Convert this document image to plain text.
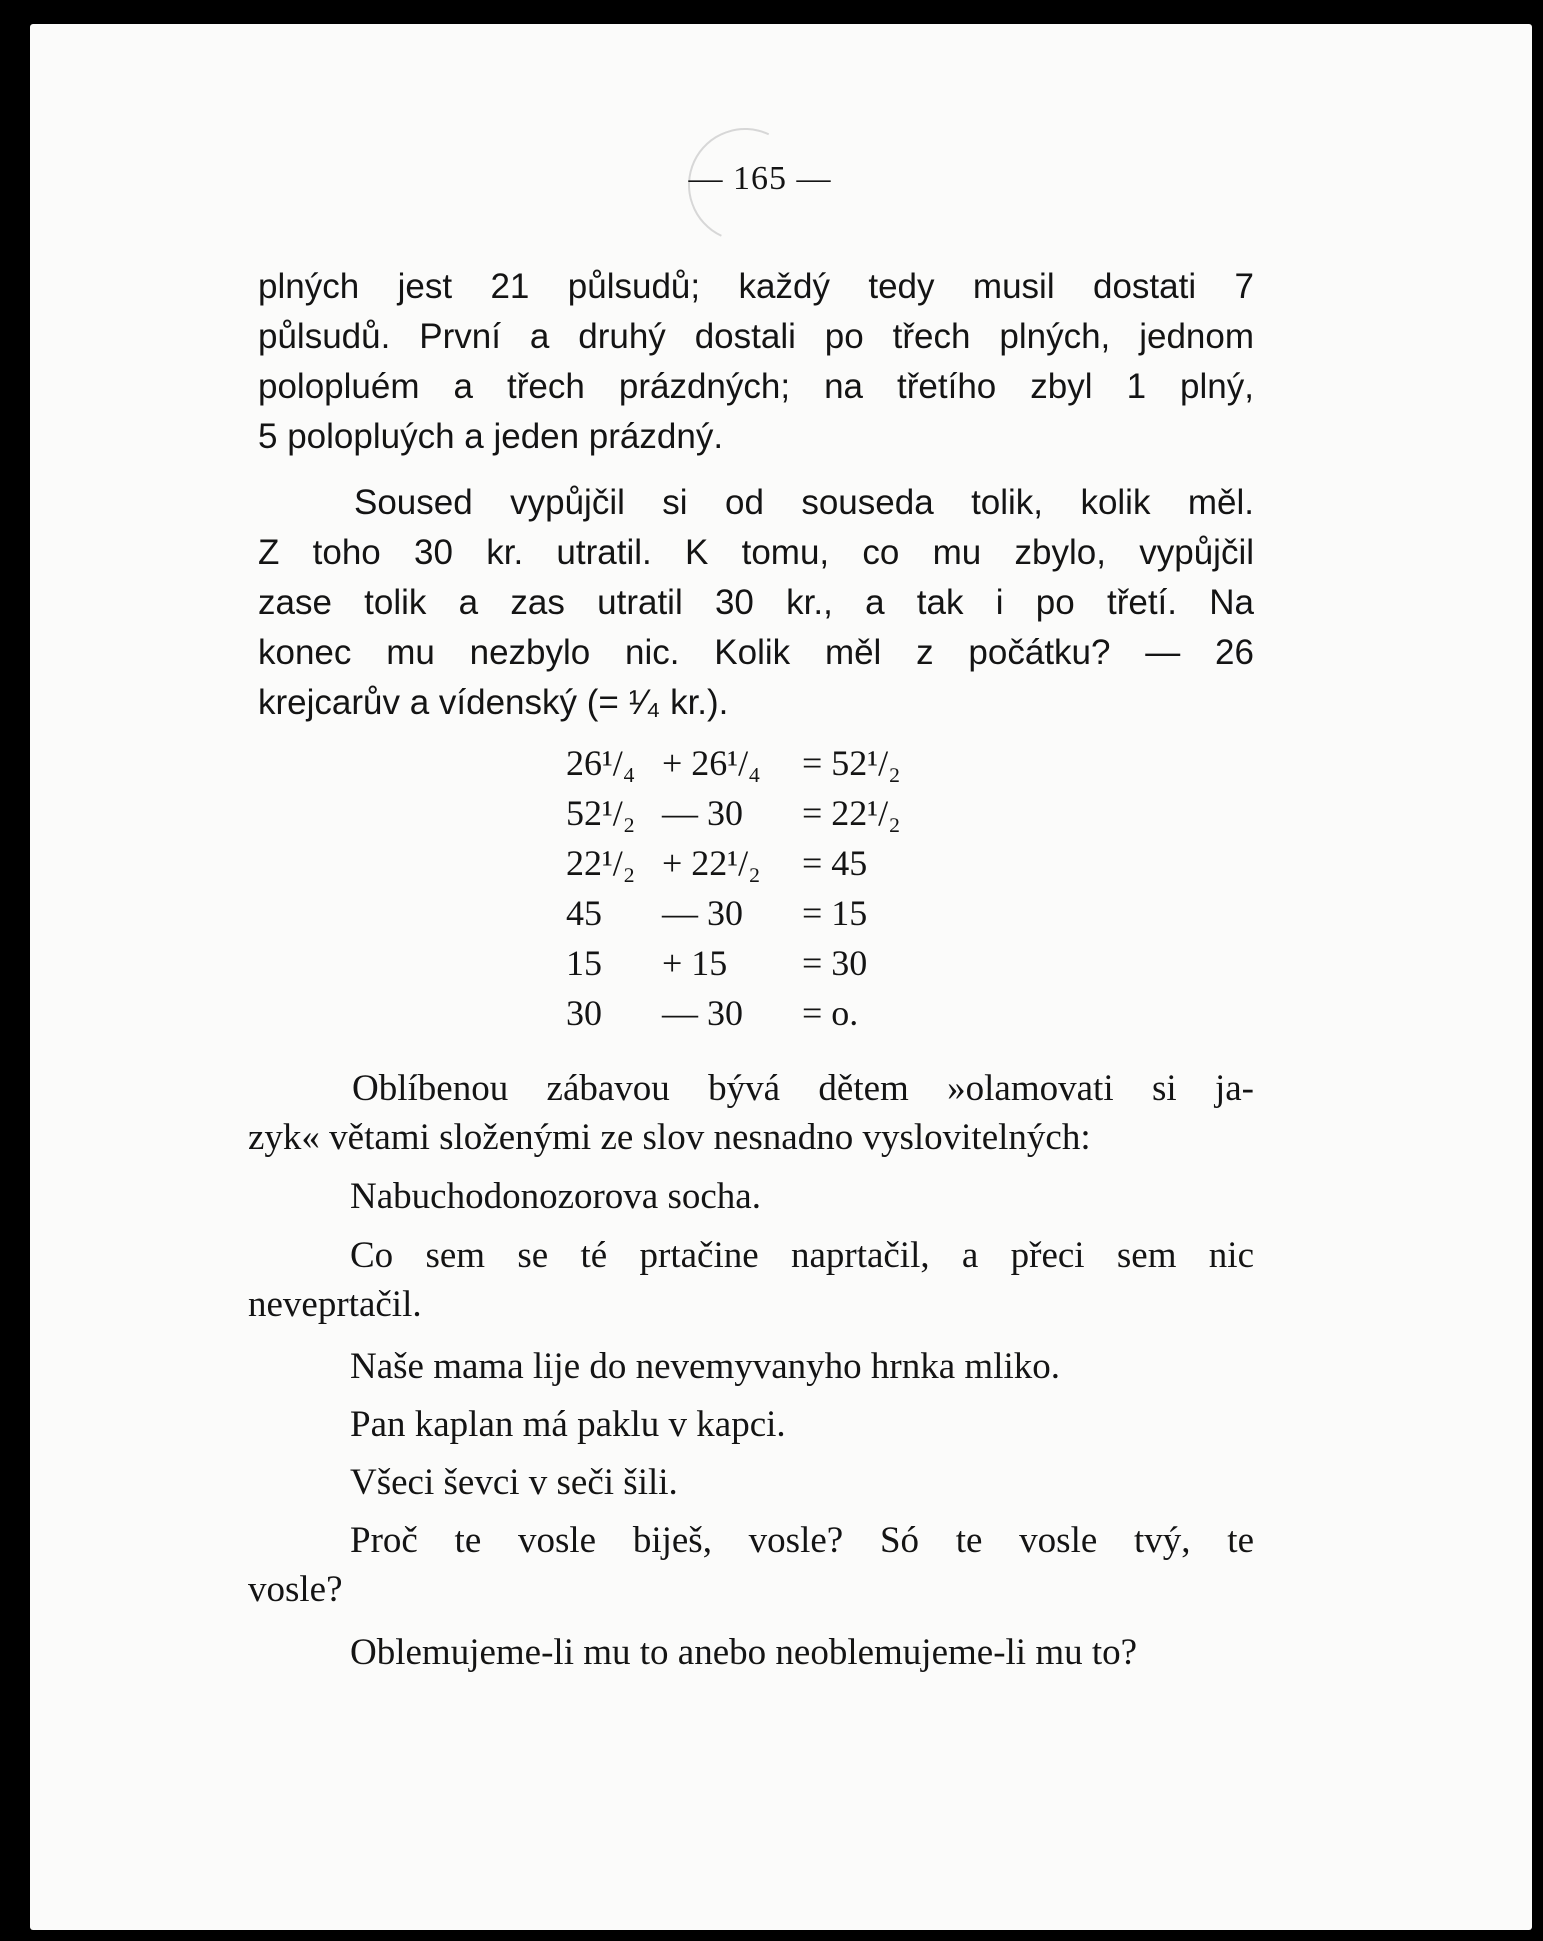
— 165 —
plných jest 21 půlsudů; každý tedy musil dostati 7
půlsudů. První a druhý dostali po třech plných, jednom
polopluém a třech prázdných; na třetího zbyl 1 plný,
5 polopluých a jeden prázdný.
Soused vypůjčil si od souseda tolik, kolik měl.
Z toho 30 kr. utratil. K tomu, co mu zbylo, vypůjčil
zase tolik a zas utratil 30 kr., a tak i po třetí. Na
konec mu nezbylo nic. Kolik měl z počátku? — 26
krejcarův a vídenský (= ¹⁄₄ kr.).
26¹/₄ + 26¹/₄	= 52¹/₂
52¹/₂ — 30	= 22¹/₂
22¹/₂ + 22¹/₂	= 45
45	— 30	= 15
15	+ 15	= 30
30	— 30	= o.
Oblíbenou zábavou bývá dětem »olamovati si ja-
zyk« větami složenými ze slov nesnadno vyslovitelných:
Nabuchodonozorova socha.
Co sem se té prtačine naprtačil, a přeci sem nic
neveprtačil.
Naše mama lije do nevemyvanyho hrnka mliko.
Pan kaplan má paklu v kapci.
Všeci ševci v seči šili.
Proč te vosle biješ, vosle? Só te vosle tvý, te
vosle?
Oblemujeme-li mu to anebo neoblemujeme-li mu to?
